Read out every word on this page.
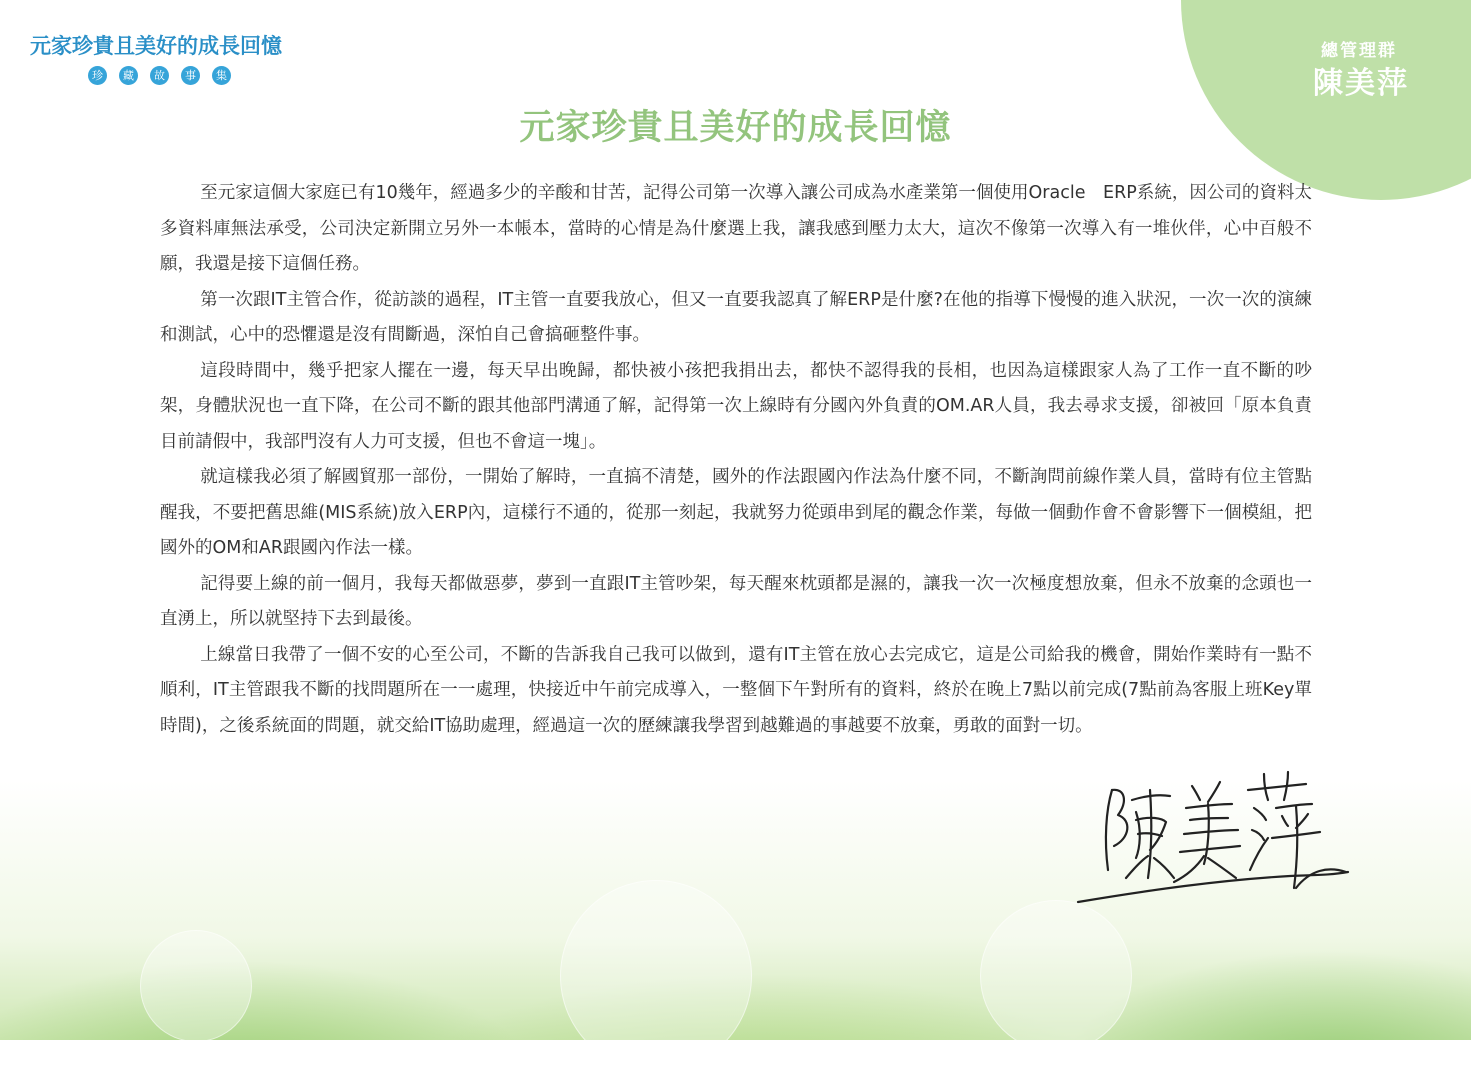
總管理群
陳美萍
元家珍貴且美好的成長回憶
珍	藏	故	事	集
元家珍貴且美好的成長回憶

至元家這個大家庭已有10幾年，經過多少的辛酸和甘苦，記得公司第一次導入讓公司成為水產業第一個使用Oracle　ERP系統，因公司的資料太多資料庫無法承受，公司決定新開立另外一本帳本，當時的心情是為什麼選上我，讓我感到壓力太大，這次不像第一次導入有一堆伙伴，心中百般不願，我還是接下這個任務。

第一次跟IT主管合作，從訪談的過程，IT主管一直要我放心，但又一直要我認真了解ERP是什麼?在他的指導下慢慢的進入狀況，一次一次的演練和測試，心中的恐懼還是沒有間斷過，深怕自己會搞砸整件事。

這段時間中，幾乎把家人擺在一邊，每天早出晚歸，都快被小孩把我捐出去，都快不認得我的長相，也因為這樣跟家人為了工作一直不斷的吵架，身體狀況也一直下降，在公司不斷的跟其他部門溝通了解，記得第一次上線時有分國內外負責的OM.AR人員，我去尋求支援，卻被回「原本負責目前請假中，我部門沒有人力可支援，但也不會這一塊」。

就這樣我必須了解國貿那一部份，一開始了解時，一直搞不清楚，國外的作法跟國內作法為什麼不同，不斷詢問前線作業人員，當時有位主管點醒我，不要把舊思維(MIS系統)放入ERP內，這樣行不通的，從那一刻起，我就努力從頭串到尾的觀念作業，每做一個動作會不會影響下一個模組，把國外的OM和AR跟國內作法一樣。

記得要上線的前一個月，我每天都做惡夢，夢到一直跟IT主管吵架，每天醒來枕頭都是濕的，讓我一次一次極度想放棄，但永不放棄的念頭也一直湧上，所以就堅持下去到最後。

上線當日我帶了一個不安的心至公司，不斷的告訴我自己我可以做到，還有IT主管在放心去完成它，這是公司給我的機會，開始作業時有一點不順利，IT主管跟我不斷的找問題所在一一處理，快接近中午前完成導入，一整個下午對所有的資料，終於在晚上7點以前完成(7點前為客服上班Key單時間)，之後系統面的問題，就交給IT協助處理，經過這一次的歷練讓我學習到越難過的事越要不放棄，勇敢的面對一切。
